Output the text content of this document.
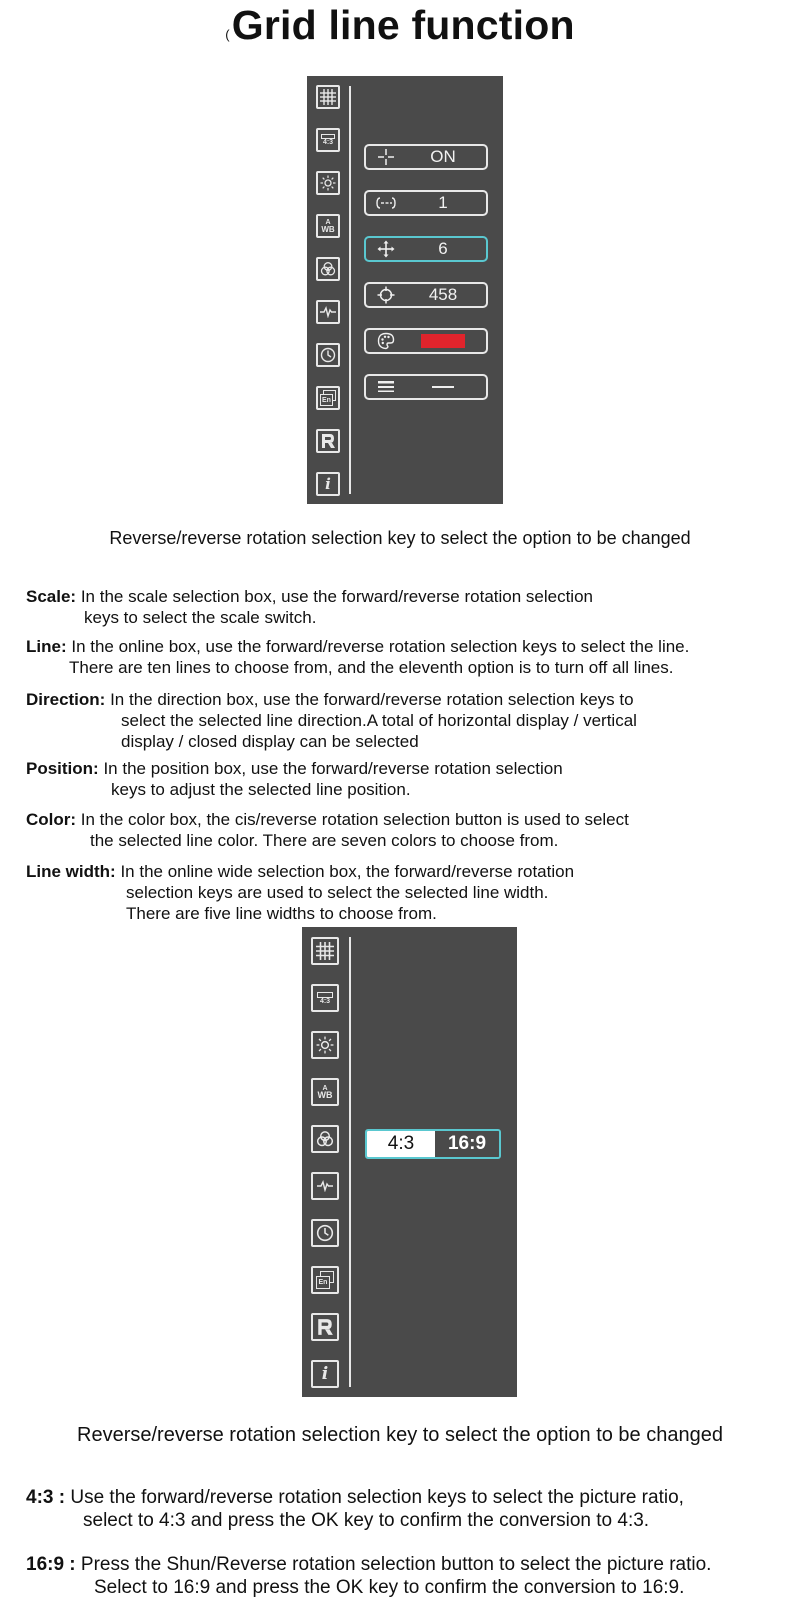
(Grid line function
4:3
A
WB
En
i
ON
1
6
458
Reverse/reverse rotation selection key to select the option to be changed
Scale: In the scale selection box, use the forward/reverse rotation selection
keys to select the scale switch.
Line: In the online box, use the forward/reverse rotation selection keys to select the line.
There are ten lines to choose from, and the eleventh option is to turn off all lines.
Direction: In the direction box, use the forward/reverse rotation selection keys to
select the selected line direction.A total of horizontal display / vertical
display / closed display can be selected
Position: In the position box, use the forward/reverse rotation selection
keys to adjust the selected line position.
Color: In the color box, the cis/reverse rotation selection button is used to select
the selected line color. There are seven colors to choose from.
Line width: In the online wide selection box, the forward/reverse rotation
selection keys are used to select the selected line width.
There are five line widths to choose from.
4:3
A
WB
En
i
4:3	16:9
Reverse/reverse rotation selection key to select the option to be changed
4:3 : Use the forward/reverse rotation selection keys to select the picture ratio,
select to 4:3 and press the OK key to confirm the conversion to 4:3.
16:9 : Press the Shun/Reverse rotation selection button to select the picture ratio.
Select to 16:9 and press the OK key to confirm the conversion to 16:9.
